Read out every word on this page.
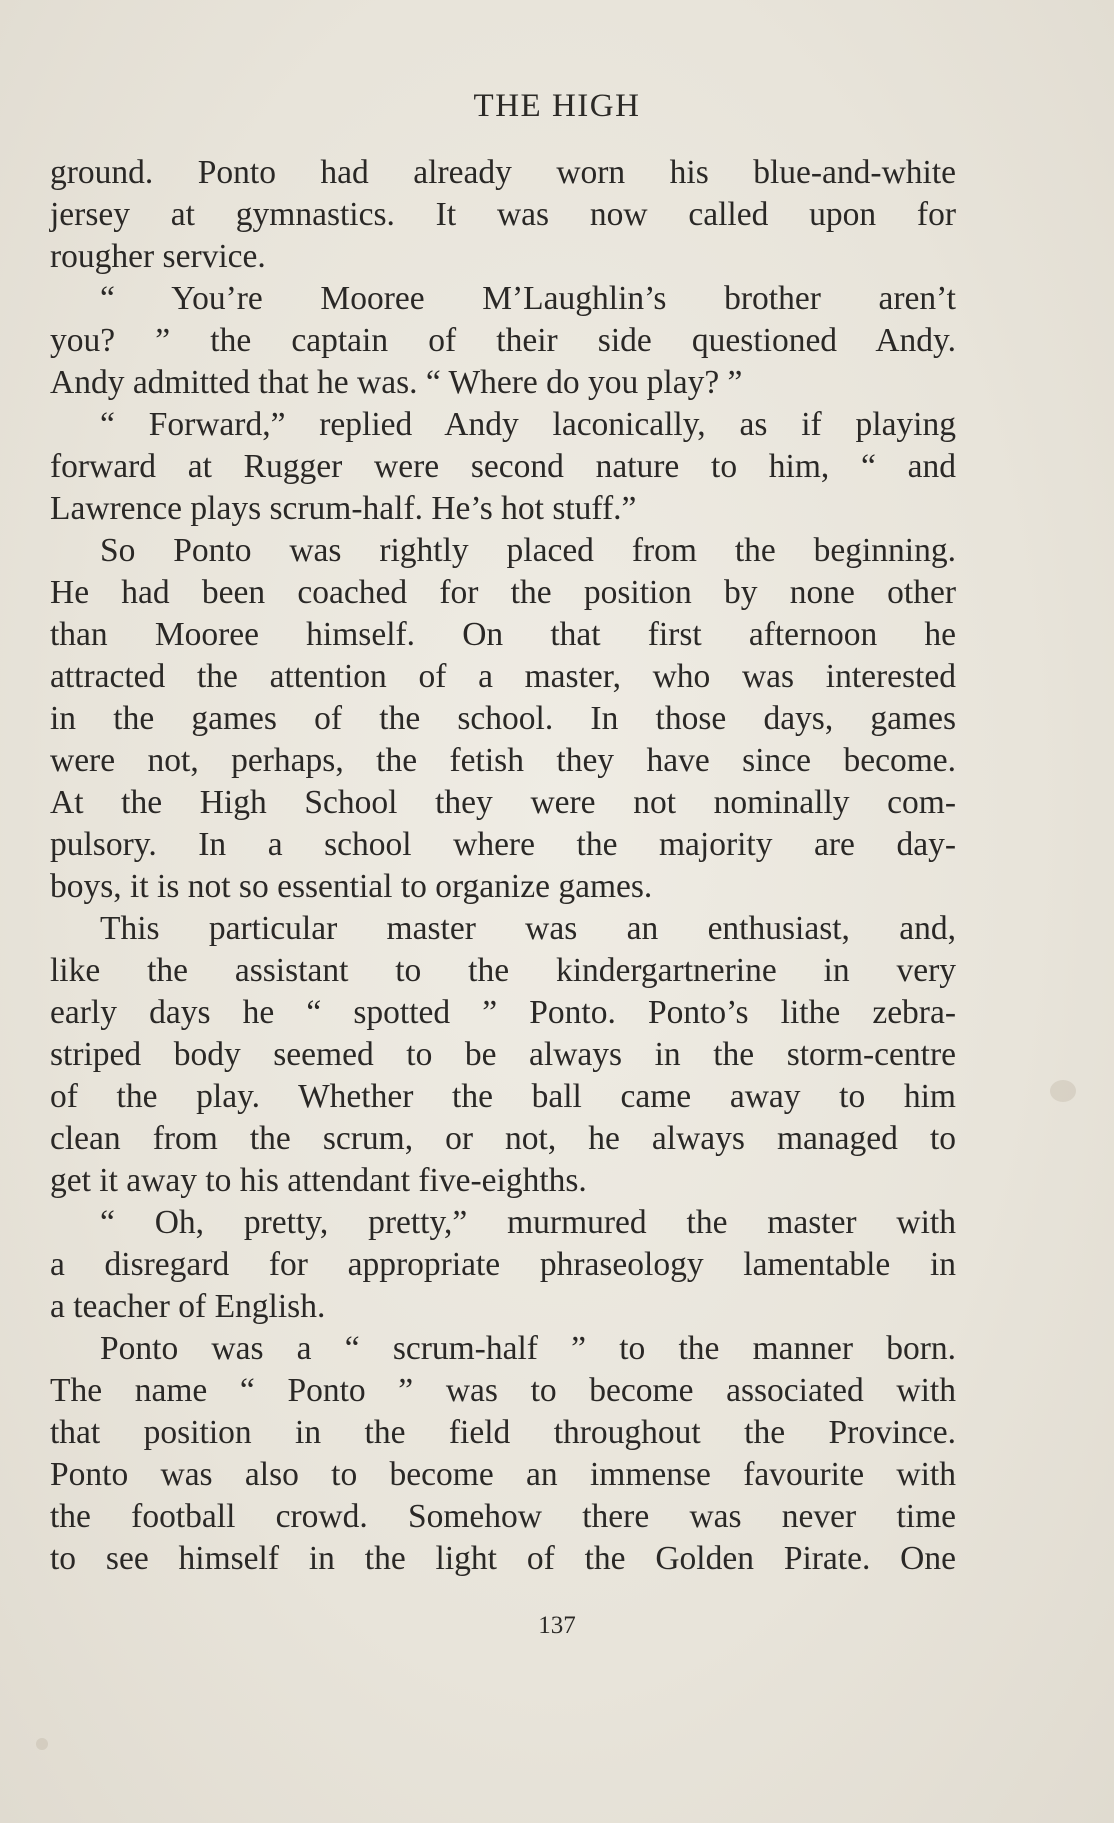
THE HIGH
ground. Ponto had already worn his blue-and-white
jersey at gymnastics. It was now called upon for
rougher service.
“ You’re Mooree M’Laughlin’s brother aren’t
you? ” the captain of their side questioned Andy.
Andy admitted that he was. “ Where do you play? ”
“ Forward,” replied Andy laconically, as if playing
forward at Rugger were second nature to him, “ and
Lawrence plays scrum-half. He’s hot stuff.”
So Ponto was rightly placed from the beginning.
He had been coached for the position by none other
than Mooree himself. On that first afternoon he
attracted the attention of a master, who was interested
in the games of the school. In those days, games
were not, perhaps, the fetish they have since become.
At the High School they were not nominally com-
pulsory. In a school where the majority are day-
boys, it is not so essential to organize games.
This particular master was an enthusiast, and,
like the assistant to the kindergartnerine in very
early days he “ spotted ” Ponto. Ponto’s lithe zebra-
striped body seemed to be always in the storm-centre
of the play. Whether the ball came away to him
clean from the scrum, or not, he always managed to
get it away to his attendant five-eighths.
“ Oh, pretty, pretty,” murmured the master with
a disregard for appropriate phraseology lamentable in
a teacher of English.
Ponto was a “ scrum-half ” to the manner born.
The name “ Ponto ” was to become associated with
that position in the field throughout the Province.
Ponto was also to become an immense favourite with
the football crowd. Somehow there was never time
to see himself in the light of the Golden Pirate. One
137
